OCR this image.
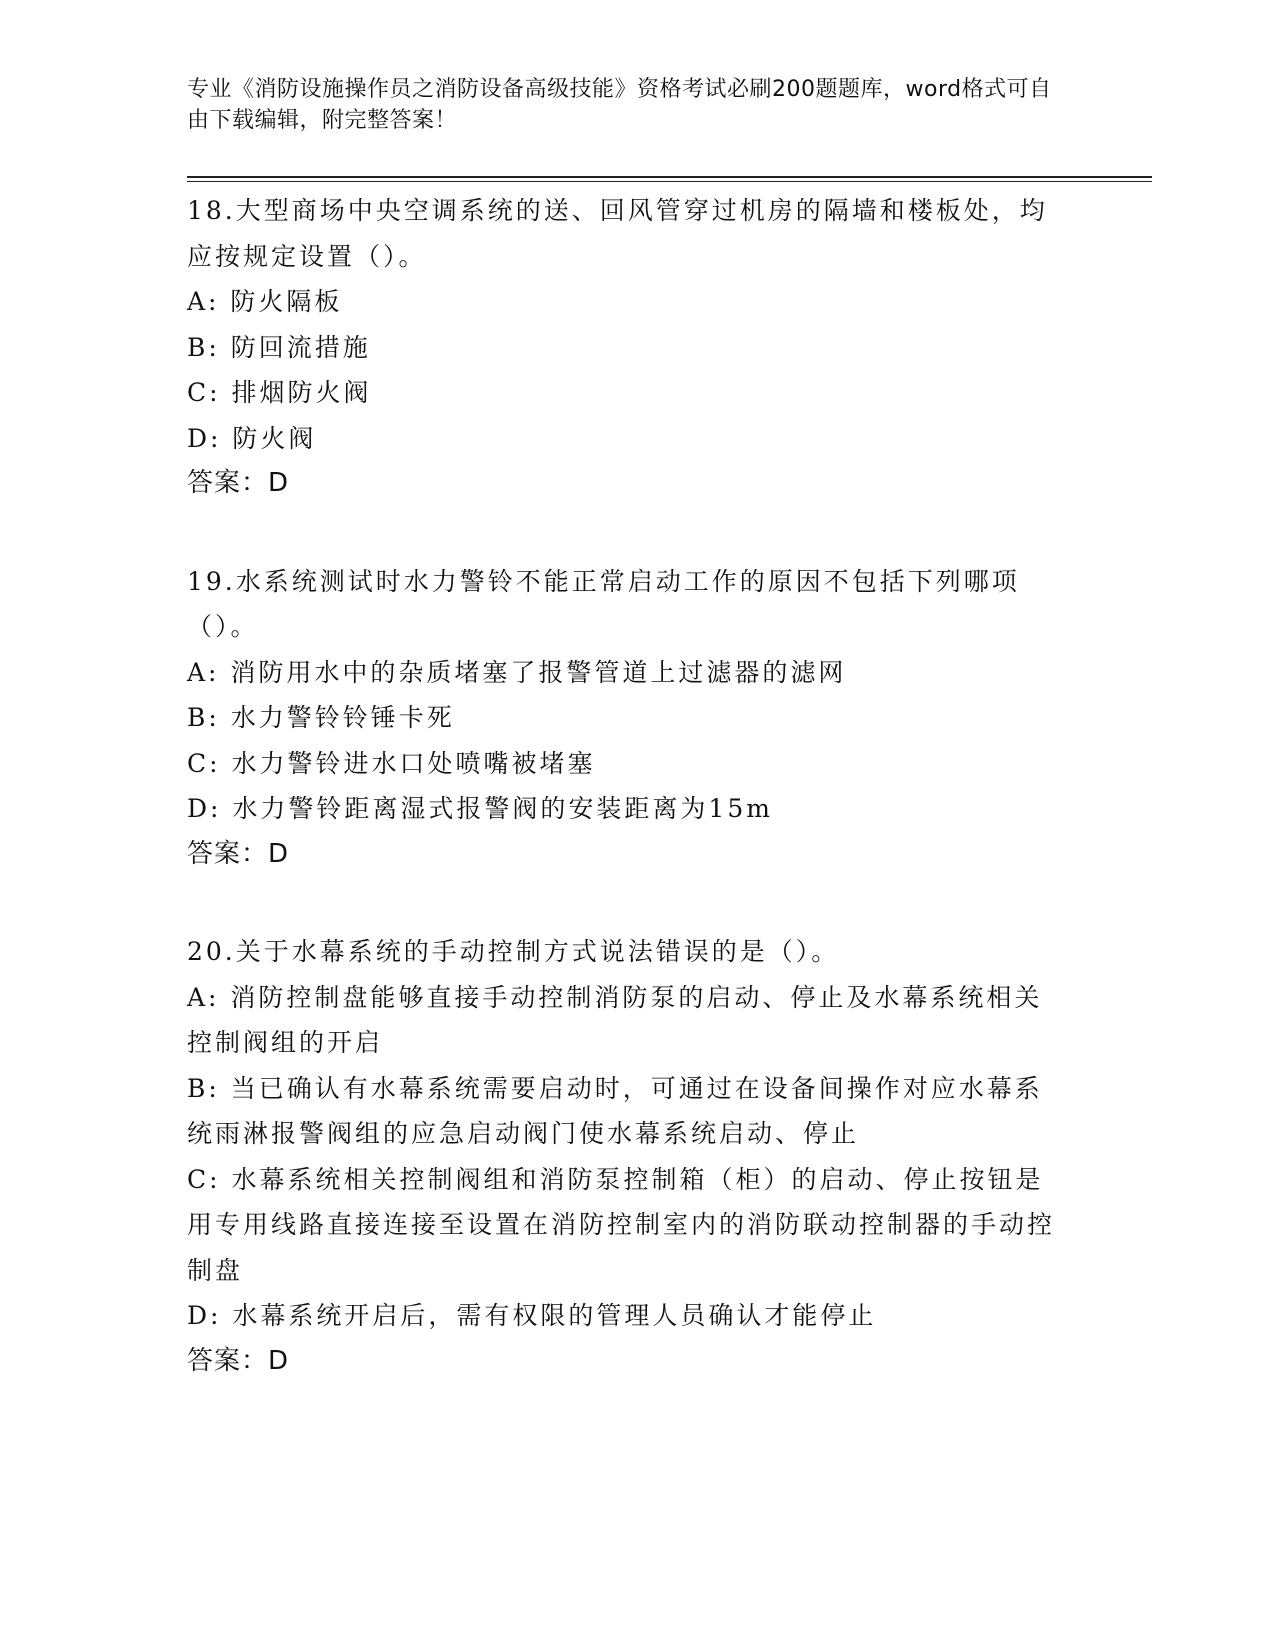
专业《消防设施操作员之消防设备高级技能》资格考试必刷200题题库，word格式可自由下载编辑，附完整答案！
18.大型商场中央空调系统的送、回风管穿过机房的隔墙和楼板处，均应按规定设置（）。
A: 防火隔板
B: 防回流措施
C: 排烟防火阀
D: 防火阀
答案：D
19.水系统测试时水力警铃不能正常启动工作的原因不包括下列哪项（）。
A: 消防用水中的杂质堵塞了报警管道上过滤器的滤网
B: 水力警铃铃锤卡死
C: 水力警铃进水口处喷嘴被堵塞
D: 水力警铃距离湿式报警阀的安装距离为15m
答案：D
20.关于水幕系统的手动控制方式说法错误的是（）。
A: 消防控制盘能够直接手动控制消防泵的启动、停止及水幕系统相关控制阀组的开启
B: 当已确认有水幕系统需要启动时，可通过在设备间操作对应水幕系统雨淋报警阀组的应急启动阀门使水幕系统启动、停止
C: 水幕系统相关控制阀组和消防泵控制箱（柜）的启动、停止按钮是用专用线路直接连接至设置在消防控制室内的消防联动控制器的手动控制盘
D: 水幕系统开启后，需有权限的管理人员确认才能停止
答案：D
